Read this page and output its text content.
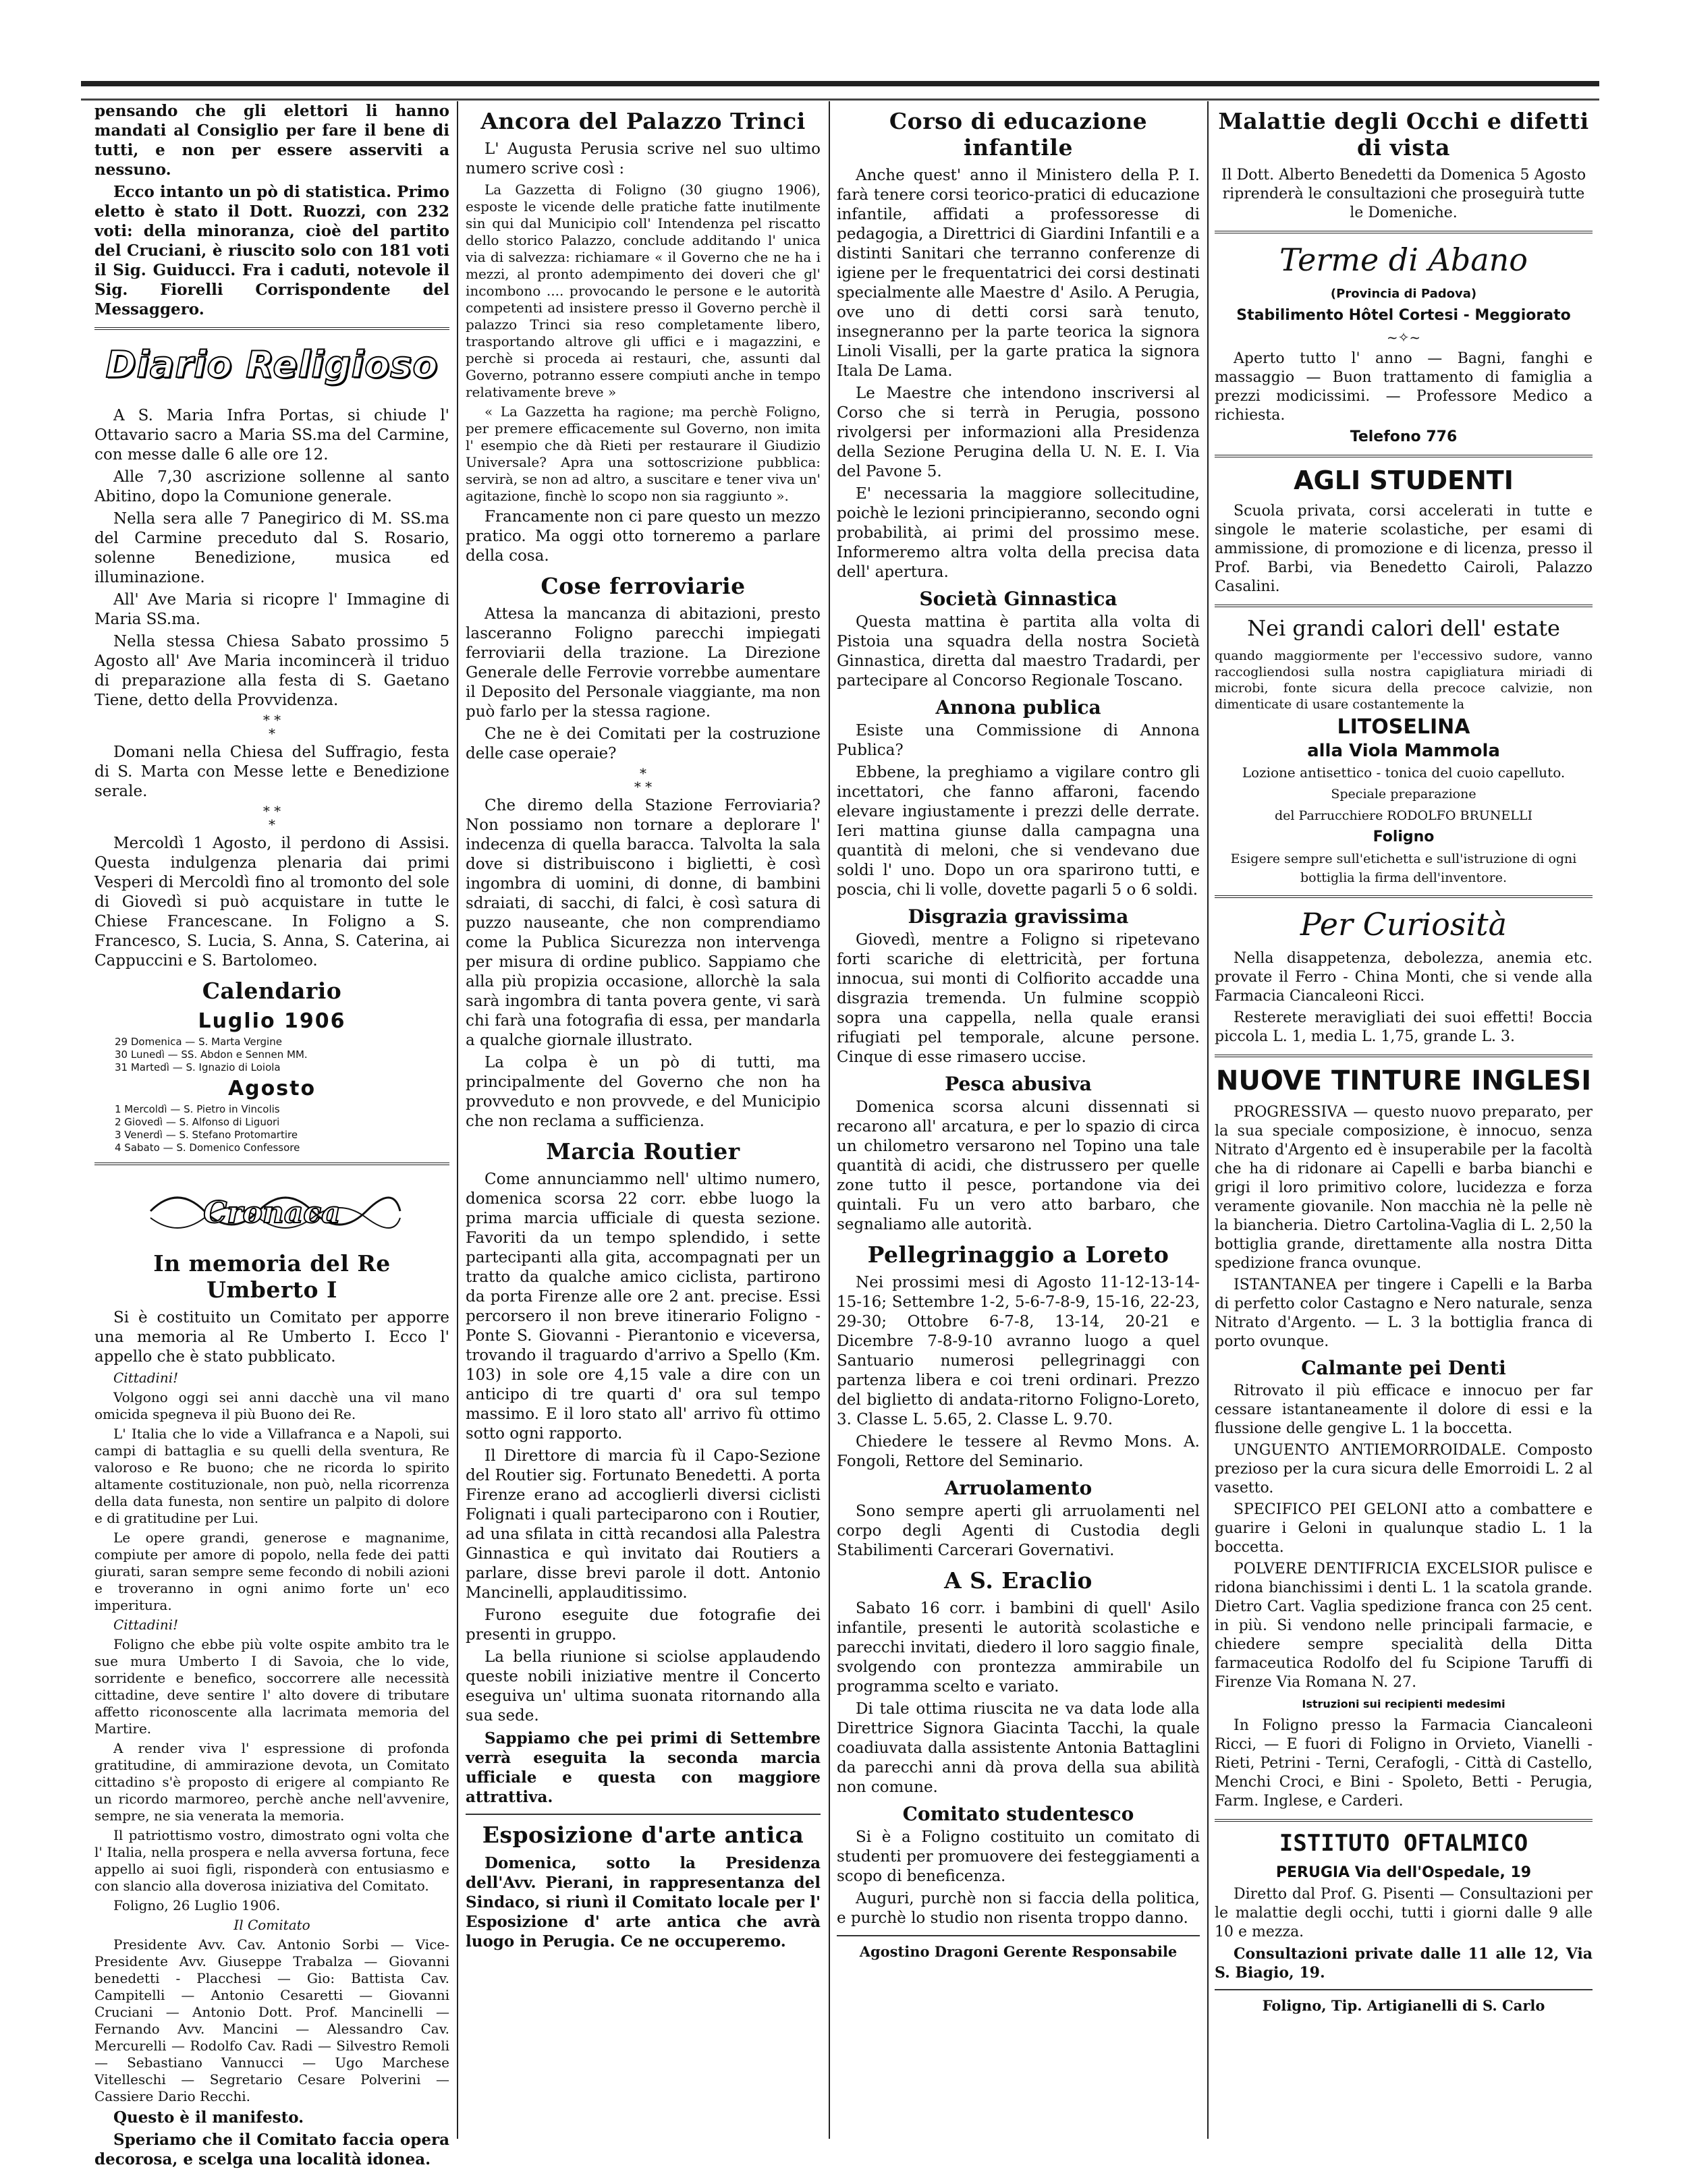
pensando che gli elettori li hanno mandati al Consiglio per fare il bene di tutti, e non per essere asserviti a nessuno.

Ecco intanto un pò di statistica. Primo eletto è stato il Dott. Ruozzi, con 232 voti: della minoranza, cioè del partito del Cruciani, è riuscito solo con 181 voti il Sig. Guiducci. Fra i caduti, notevole il Sig. Fiorelli Corrispondente del Messaggero.

Diario Religioso

A S. Maria Infra Portas, si chiude l' Ottavario sacro a Maria SS.ma del Carmine, con messe dalle 6 alle ore 12.

Alle 7,30 ascrizione sollenne al santo Abitino, dopo la Comunione generale.

Nella sera alle 7 Panegirico di M. SS.ma del Carmine preceduto dal S. Rosario, solenne Benedizione, musica ed illuminazione.

All' Ave Maria si ricopre l' Immagine di Maria SS.ma.

Nella stessa Chiesa Sabato prossimo 5 Agosto all' Ave Maria incomincerà il triduo di preparazione alla festa di S. Gaetano Tiene, detto della Provvidenza.

* *
*

Domani nella Chiesa del Suffragio, festa di S. Marta con Messe lette e Benedizione serale.

* *
*

Mercoldì 1 Agosto, il perdono di Assisi. Questa indulgenza plenaria dai primi Vesperi di Mercoldì fino al tromonto del sole di Giovedì si può acquistare in tutte le Chiese Francescane. In Foligno a S. Francesco, S. Lucia, S. Anna, S. Caterina, ai Cappuccini e S. Bartolomeo.

Calendario
Luglio 1906
29 Domenica — S. Marta Vergine
30 Lunedì — SS. Abdon e Sennen MM.
31 Martedì — S. Ignazio di Loiola
Agosto
1 Mercoldì — S. Pietro in Vincolis
2 Giovedì — S. Alfonso di Liguori
3 Venerdì — S. Stefano Protomartire
4 Sabato — S. Domenico Confessore
Cronaca
In memoria del Re Umberto I

Si è costituito un Comitato per apporre una memoria al Re Umberto I. Ecco l' appello che è stato pubblicato.

Cittadini!

Volgono oggi sei anni dacchè una vil mano omicida spegneva il più Buono dei Re.

L' Italia che lo vide a Villafranca e a Napoli, sui campi di battaglia e su quelli della sventura, Re valoroso e Re buono; che ne ricorda lo spirito altamente costituzionale, non può, nella ricorrenza della data funesta, non sentire un palpito di dolore e di gratitudine per Lui.

Le opere grandi, generose e magnanime, compiute per amore di popolo, nella fede dei patti giurati, saran sempre seme fecondo di nobili azioni e troveranno in ogni animo forte un' eco imperitura.

Cittadini!

Foligno che ebbe più volte ospite ambito tra le sue mura Umberto I di Savoia, che lo vide, sorridente e benefico, soccorrere alle necessità cittadine, deve sentire l' alto dovere di tributare affetto riconoscente alla lacrimata memoria del Martire.

A render viva l' espressione di profonda gratitudine, di ammirazione devota, un Comitato cittadino s'è proposto di erigere al compianto Re un ricordo marmoreo, perchè anche nell'avvenire, sempre, ne sia venerata la memoria.

Il patriottismo vostro, dimostrato ogni volta che l' Italia, nella prospera e nella avversa fortuna, fece appello ai suoi figli, risponderà con entusiasmo e con slancio alla doverosa iniziativa del Comitato.

Foligno, 26 Luglio 1906.

Il Comitato

Presidente Avv. Cav. Antonio Sorbi — Vice-Presidente Avv. Giuseppe Trabalza — Giovanni benedetti - Placchesi — Gio: Battista Cav. Campitelli — Antonio Cesaretti — Giovanni Cruciani — Antonio Dott. Prof. Mancinelli — Fernando Avv. Mancini — Alessandro Cav. Mercurelli — Rodolfo Cav. Radi — Silvestro Remoli — Sebastiano Vannucci — Ugo Marchese Vitelleschi — Segretario Cesare Polverini — Cassiere Dario Recchi.

Questo è il manifesto.

Speriamo che il Comitato faccia opera decorosa, e scelga una località idonea.

Ancora del Palazzo Trinci

L' Augusta Perusia scrive nel suo ultimo numero scrive così :

La Gazzetta di Foligno (30 giugno 1906), esposte le vicende delle pratiche fatte inutilmente sin qui dal Municipio coll' Intendenza pel riscatto dello storico Palazzo, conclude additando l' unica via di salvezza: richiamare « il Governo che ne ha i mezzi, al pronto adempimento dei doveri che gl' incombono .... provocando le persone e le autorità competenti ad insistere presso il Governo perchè il palazzo Trinci sia reso completamente libero, trasportando altrove gli uffici e i magazzini, e perchè si proceda ai restauri, che, assunti dal Governo, potranno essere compiuti anche in tempo relativamente breve »

« La Gazzetta ha ragione; ma perchè Foligno, per premere efficacemente sul Governo, non imita l' esempio che dà Rieti per restaurare il Giudizio Universale? Apra una sottoscrizione pubblica: servirà, se non ad altro, a suscitare e tener viva un' agitazione, finchè lo scopo non sia raggiunto ».

Francamente non ci pare questo un mezzo pratico. Ma oggi otto torneremo a parlare della cosa.

Cose ferroviarie

Attesa la mancanza di abitazioni, presto lasceranno Foligno parecchi impiegati ferroviarii della trazione. La Direzione Generale delle Ferrovie vorrebbe aumentare il Deposito del Personale viaggiante, ma non può farlo per la stessa ragione.

Che ne è dei Comitati per la costruzione delle case operaie?

*
* *

Che diremo della Stazione Ferroviaria? Non possiamo non tornare a deplorare l' indecenza di quella baracca. Talvolta la sala dove si distribuiscono i biglietti, è così ingombra di uomini, di donne, di bambini sdraiati, di sacchi, di falci, è così satura di puzzo nauseante, che non comprendiamo come la Publica Sicurezza non intervenga per misura di ordine publico. Sappiamo che alla più propizia occasione, allorchè la sala sarà ingombra di tanta povera gente, vi sarà chi farà una fotografia di essa, per mandarla a qualche giornale illustrato.

La colpa è un pò di tutti, ma principalmente del Governo che non ha provveduto e non provvede, e del Municipio che non reclama a sufficienza.

Marcia Routier

Come annunciammo nell' ultimo numero, domenica scorsa 22 corr. ebbe luogo la prima marcia ufficiale di questa sezione. Favoriti da un tempo splendido, i sette partecipanti alla gita, accompagnati per un tratto da qualche amico ciclista, partirono da porta Firenze alle ore 2 ant. precise. Essi percorsero il non breve itinerario Foligno - Ponte S. Giovanni - Pierantonio e viceversa, trovando il traguardo d'arrivo a Spello (Km. 103) in sole ore 4,15 vale a dire con un anticipo di tre quarti d' ora sul tempo massimo. E il loro stato all' arrivo fù ottimo sotto ogni rapporto.

Il Direttore di marcia fù il Capo-Sezione del Routier sig. Fortunato Benedetti. A porta Firenze erano ad accoglierli diversi ciclisti Folignati i quali parteciparono con i Routier, ad una sfilata in città recandosi alla Palestra Ginnastica e quì invitato dai Routiers a parlare, disse brevi parole il dott. Antonio Mancinelli, applauditissimo.

Furono eseguite due fotografie dei presenti in gruppo.

La bella riunione si sciolse applaudendo queste nobili iniziative mentre il Concerto eseguiva un' ultima suonata ritornando alla sua sede.

Sappiamo che pei primi di Settembre verrà eseguita la seconda marcia ufficiale e questa con maggiore attrattiva.

Esposizione d'arte antica

Domenica, sotto la Presidenza dell'Avv. Pierani, in rappresentanza del Sindaco, si riunì il Comitato locale per l' Esposizione d' arte antica che avrà luogo in Perugia. Ce ne occuperemo.

Corso di educazione infantile

Anche quest' anno il Ministero della P. I. farà tenere corsi teorico-pratici di educazione infantile, affidati a professoresse di pedagogia, a Direttrici di Giardini Infantili e a distinti Sanitari che terranno conferenze di igiene per le frequentatrici dei corsi destinati specialmente alle Maestre d' Asilo. A Perugia, ove uno di detti corsi sarà tenuto, insegneranno per la parte teorica la signora Linoli Visalli, per la garte pratica la signora Itala De Lama.

Le Maestre che intendono inscriversi al Corso che si terrà in Perugia, possono rivolgersi per informazioni alla Presidenza della Sezione Perugina della U. N. E. I. Via del Pavone 5.

E' necessaria la maggiore sollecitudine, poichè le lezioni principieranno, secondo ogni probabilità, ai primi del prossimo mese. Informeremo altra volta della precisa data dell' apertura.

Società Ginnastica

Questa mattina è partita alla volta di Pistoia una squadra della nostra Società Ginnastica, diretta dal maestro Tradardi, per partecipare al Concorso Regionale Toscano.

Annona publica

Esiste una Commissione di Annona Publica?

Ebbene, la preghiamo a vigilare contro gli incettatori, che fanno affaroni, facendo elevare ingiustamente i prezzi delle derrate. Ieri mattina giunse dalla campagna una quantità di meloni, che si vendevano due soldi l' uno. Dopo un ora sparirono tutti, e poscia, chi li volle, dovette pagarli 5 o 6 soldi.

Disgrazia gravissima

Giovedì, mentre a Foligno si ripetevano forti scariche di elettricità, per fortuna innocua, sui monti di Colfiorito accadde una disgrazia tremenda. Un fulmine scoppiò sopra una cappella, nella quale eransi rifugiati pel temporale, alcune persone. Cinque di esse rimasero uccise.

Pesca abusiva

Domenica scorsa alcuni dissennati si recarono all' arcatura, e per lo spazio di circa un chilometro versarono nel Topino una tale quantità di acidi, che distrussero per quelle zone tutto il pesce, portandone via dei quintali. Fu un vero atto barbaro, che segnaliamo alle autorità.

Pellegrinaggio a Loreto

Nei prossimi mesi di Agosto 11-12-13-14-15-16; Settembre 1-2, 5-6-7-8-9, 15-16, 22-23, 29-30; Ottobre 6-7-8, 13-14, 20-21 e Dicembre 7-8-9-10 avranno luogo a quel Santuario numerosi pellegrinaggi con partenza libera e coi treni ordinari. Prezzo del biglietto di andata-ritorno Foligno-Loreto, 3. Classe L. 5.65, 2. Classe L. 9.70.

Chiedere le tessere al Revmo Mons. A. Fongoli, Rettore del Seminario.

Arruolamento

Sono sempre aperti gli arruolamenti nel corpo degli Agenti di Custodia degli Stabilimenti Carcerari Governativi.

A S. Eraclio

Sabato 16 corr. i bambini di quell' Asilo infantile, presenti le autorità scolastiche e parecchi invitati, diedero il loro saggio finale, svolgendo con prontezza ammirabile un programma scelto e variato.

Di tale ottima riuscita ne va data lode alla Direttrice Signora Giacinta Tacchi, la quale coadiuvata dalla assistente Antonia Battaglini da parecchi anni dà prova della sua abilità non comune.

Comitato studentesco

Si è a Foligno costituito un comitato di studenti per promuovere dei festeggiamenti a scopo di beneficenza.

Auguri, purchè non si faccia della politica, e purchè lo studio non risenta troppo danno.

Agostino Dragoni Gerente Responsabile
Malattie degli Occhi e difetti di vista

Il Dott. Alberto Benedetti da Domenica 5 Agosto riprenderà le consultazioni che proseguirà tutte le Domeniche.

Terme di Abano

(Provincia di Padova)

Stabilimento Hôtel Cortesi - Meggiorato

~✧~

Aperto tutto l' anno — Bagni, fanghi e massaggio — Buon trattamento di famiglia a prezzi modicissimi. — Professore Medico a richiesta.

Telefono 776

AGLI STUDENTI

Scuola privata, corsi accelerati in tutte e singole le materie scolastiche, per esami di ammissione, di promozione e di licenza, presso il Prof. Barbi, via Benedetto Cairoli, Palazzo Casalini.

Nei grandi calori dell' estate

quando maggiormente per l'eccessivo sudore, vanno raccogliendosi sulla nostra capigliatura miriadi di microbi, fonte sicura della precoce calvizie, non dimenticate di usare costantemente la

LITOSELINA

alla Viola Mammola

Lozione antisettico - tonica del cuoio capelluto.

Speciale preparazione

del Parrucchiere RODOLFO BRUNELLI

Foligno

Esigere sempre sull'etichetta e sull'istruzione di ogni bottiglia la firma dell'inventore.

Per Curiosità

Nella disappetenza, debolezza, anemia etc. provate il Ferro - China Monti, che si vende alla Farmacia Ciancaleoni Ricci.

Resterete meravigliati dei suoi effetti! Boccia piccola L. 1, media L. 1,75, grande L. 3.

NUOVE TINTURE INGLESI

PROGRESSIVA — questo nuovo preparato, per la sua speciale composizione, è innocuo, senza Nitrato d'Argento ed è insuperabile per la facoltà che ha di ridonare ai Capelli e barba bianchi e grigi il loro primitivo colore, lucidezza e forza veramente giovanile. Non macchia nè la pelle nè la biancheria. Dietro Cartolina-Vaglia di L. 2,50 la bottiglia grande, direttamente alla nostra Ditta spedizione franca ovunque.

ISTANTANEA per tingere i Capelli e la Barba di perfetto color Castagno e Nero naturale, senza Nitrato d'Argento. — L. 3 la bottiglia franca di porto ovunque.

Calmante pei Denti

Ritrovato il più efficace e innocuo per far cessare istantaneamente il dolore di essi e la flussione delle gengive L. 1 la boccetta.

UNGUENTO ANTIEMORROIDALE. Composto prezioso per la cura sicura delle Emorroidi L. 2 al vasetto.

SPECIFICO PEI GELONI atto a combattere e guarire i Geloni in qualunque stadio L. 1 la boccetta.

POLVERE DENTIFRICIA EXCELSIOR pulisce e ridona bianchissimi i denti L. 1 la scatola grande. Dietro Cart. Vaglia spedizione franca con 25 cent. in più. Si vendono nelle principali farmacie, e chiedere sempre specialità della Ditta farmaceutica Rodolfo del fu Scipione Taruffi di Firenze Via Romana N. 27.

Istruzioni sui recipienti medesimi

In Foligno presso la Farmacia Ciancaleoni Ricci, — E fuori di Foligno in Orvieto, Vianelli - Rieti, Petrini - Terni, Cerafogli, - Città di Castello, Menchi Croci, e Bini - Spoleto, Betti - Perugia, Farm. Inglese, e Carderi.

ISTITUTO OFTALMICO

PERUGIA Via dell'Ospedale, 19

Diretto dal Prof. G. Pisenti — Consultazioni per le malattie degli occhi, tutti i giorni dalle 9 alle 10 e mezza.

Consultazioni private dalle 11 alle 12, Via S. Biagio, 19.

Foligno, Tip. Artigianelli di S. Carlo
